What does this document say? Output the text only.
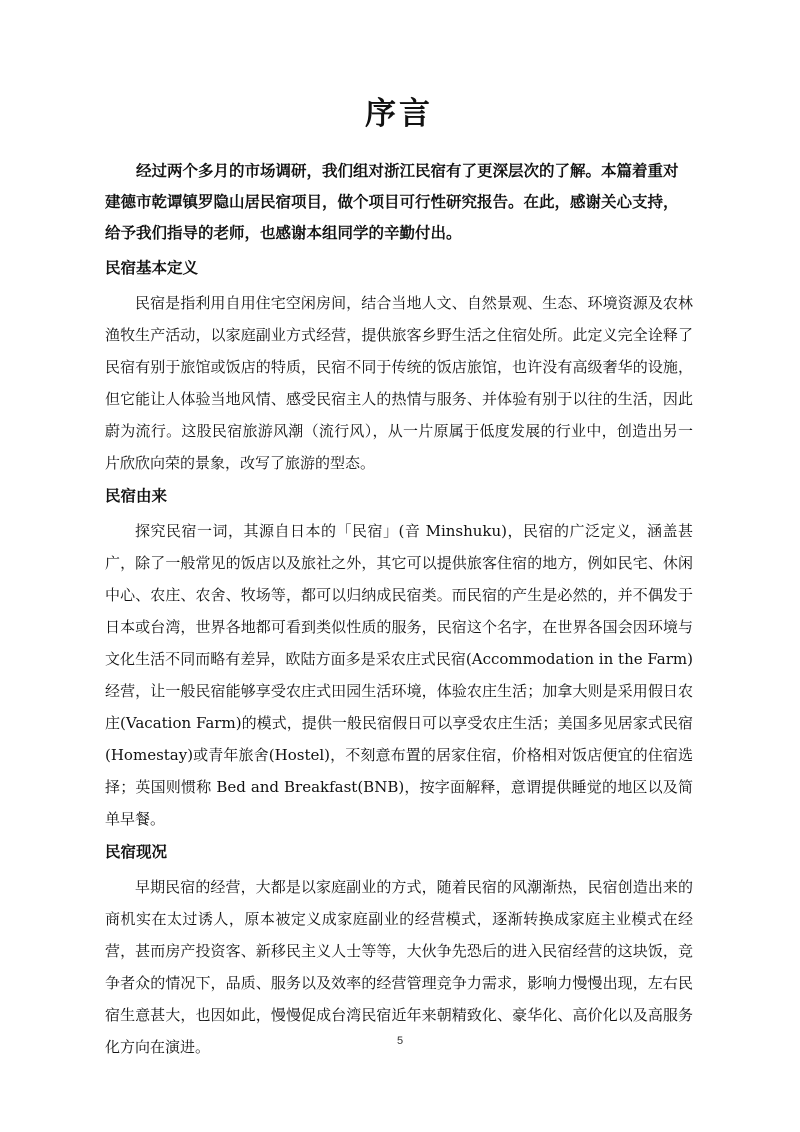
序言

经过两个多月的市场调研，我们组对浙江民宿有了更深层次的了解。本篇着重对建德市乾谭镇罗隐山居民宿项目，做个项目可行性研究报告。在此，感谢关心支持，给予我们指导的老师，也感谢本组同学的辛勤付出。

民宿基本定义

民宿是指利用自用住宅空闲房间，结合当地人文、自然景观、生态、环境资源及农林渔牧生产活动，以家庭副业方式经营，提供旅客乡野生活之住宿处所。此定义完全诠释了民宿有别于旅馆或饭店的特质，民宿不同于传统的饭店旅馆，也许没有高级奢华的设施，但它能让人体验当地风情、感受民宿主人的热情与服务、并体验有别于以往的生活，因此蔚为流行。这股民宿旅游风潮（流行风），从一片原属于低度发展的行业中，创造出另一片欣欣向荣的景象，改写了旅游的型态。

民宿由来

探究民宿一词，其源自日本的「民宿」(音 Minshuku)，民宿的广泛定义，涵盖甚广，除了一般常见的饭店以及旅社之外，其它可以提供旅客住宿的地方，例如民宅、休闲中心、农庄、农舍、牧场等，都可以归纳成民宿类。而民宿的产生是必然的，并不偶发于日本或台湾，世界各地都可看到类似性质的服务，民宿这个名字，在世界各国会因环境与文化生活不同而略有差异，欧陆方面多是采农庄式民宿(Accommodation in the Farm)经营，让一般民宿能够享受农庄式田园生活环境，体验农庄生活；加拿大则是采用假日农庄(Vacation Farm)的模式，提供一般民宿假日可以享受农庄生活；美国多见居家式民宿(Homestay)或青年旅舍(Hostel)，不刻意布置的居家住宿，价格相对饭店便宜的住宿选择；英国则惯称 Bed and Breakfast(BNB)，按字面解释，意谓提供睡觉的地区以及简单早餐。

民宿现况

早期民宿的经营，大都是以家庭副业的方式，随着民宿的风潮渐热，民宿创造出来的商机实在太过诱人，原本被定义成家庭副业的经营模式，逐渐转换成家庭主业模式在经营，甚而房产投资客、新移民主义人士等等，大伙争先恐后的进入民宿经营的这块饭，竞争者众的情况下，品质、服务以及效率的经营管理竞争力需求，影响力慢慢出现，左右民宿生意甚大，也因如此，慢慢促成台湾民宿近年来朝精致化、豪华化、高价化以及高服务化方向在演进。	5
